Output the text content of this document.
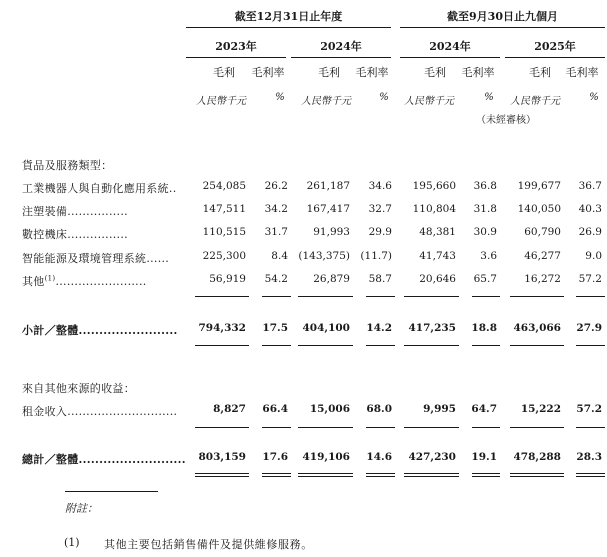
截至12月31日止年度	截至9月30日止九個月
2023年	2024年	2024年	2025年
毛利	毛利率	毛利	毛利率	毛利	毛利率	毛利	毛利率
人民幣千元	%	人民幣千元	%	人民幣千元	%	人民幣千元	%
（未經審核）
貨品及服務類型：
工業機器人與自動化應用系統.. 254,085 26.2 261,187 34.6 195,660 36.8 199,677 36.7
注塑裝備................	147,511 34.2 167,417 32.7 110,804 31.8 140,050 40.3
數控機床................	110,515 31.7 91,993 29.9	48,381 30.9	60,790 26.9
智能能源及環境管理系統......	225,300 8.4 (143,375) (11.7)	41,743 3.6	46,277 9.0
其他$^{(1)}$........................	56,919 54.2 26,879 58.7	20,646 65.7	16,272 57.2
小計／整體........................	794,332 17.5 404,100 14.2 417,235 18.8 463,066 27.9
來自其他來源的收益：
租金收入.............................	8,827 66.4 15,006 68.0	9,995 64.7 15,222 57.2
總計／整體.......................... 803,159 17.6 419,106 14.6 427,230 19.1 478,288 28.3
附註：
(1) 其他主要包括銷售備件及提供維修服務。
